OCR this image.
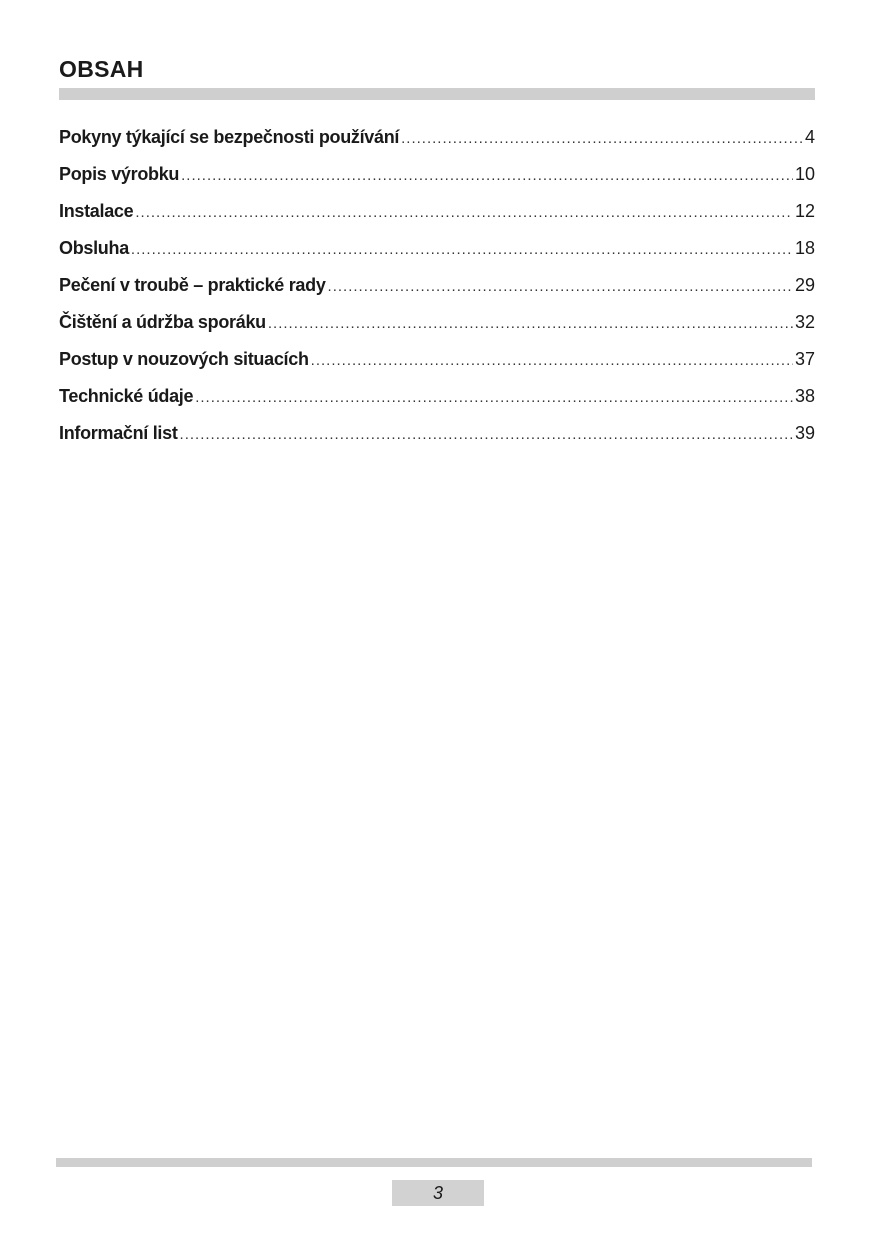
OBSAH
Pokyny týkající se bezpečnosti používání .....	4
Popis výrobku .....	10
Instalace .....	12
Obsluha .....	18
Pečení v troubě – praktické rady .....	29
Čištění a údržba sporáku .....	32
Postup v nouzových situacích .....	37
Technické údaje .....	38
Informační list .....	39
3
